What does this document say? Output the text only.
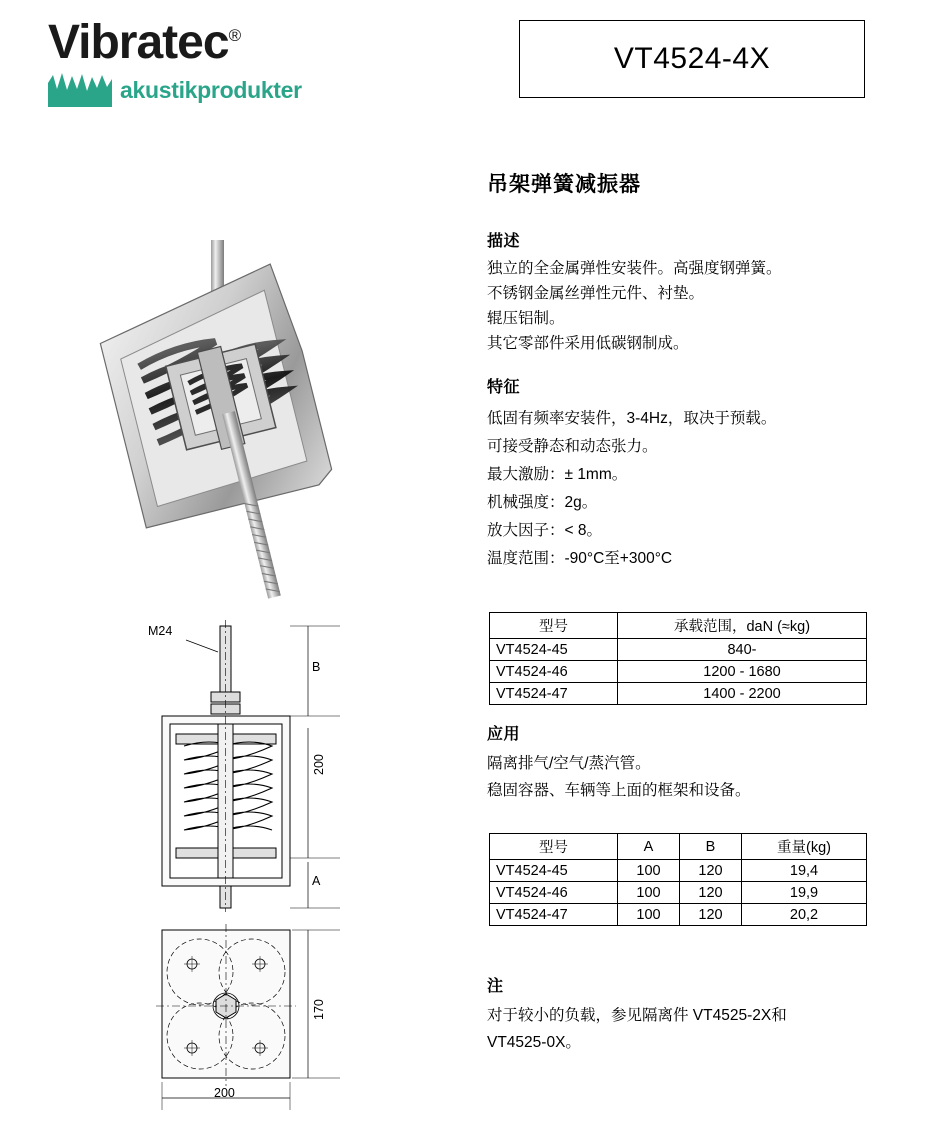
Vibratec®
akustikprodukter
VT4524-4X
M24
B
200
A
170
200
吊架弹簧减振器
描述
独立的全金属弹性安装件。高强度钢弹簧。
不锈钢金属丝弹性元件、衬垫。
辊压铝制。
其它零部件采用低碳钢制成。
特征
低固有频率安装件，3-4Hz，取决于预载。
可接受静态和动态张力。
最大激励：± 1mm。
机械强度：2g。
放大因子：< 8。
温度范围：-90°C至+300°C
型号	承载范围，daN (≈kg)
VT4524-45	840-
VT4524-46	1200 - 1680
VT4524-47	1400 - 2200
应用
隔离排气/空气/蒸汽管。
稳固容器、车辆等上面的框架和设备。
型号	A	B	重量(kg)
VT4524-45	100	120	19,4
VT4524-46	100	120	19,9
VT4524-47	100	120	20,2
注
对于较小的负载，参见隔离件 VT4525-2X和
VT4525-0X。
